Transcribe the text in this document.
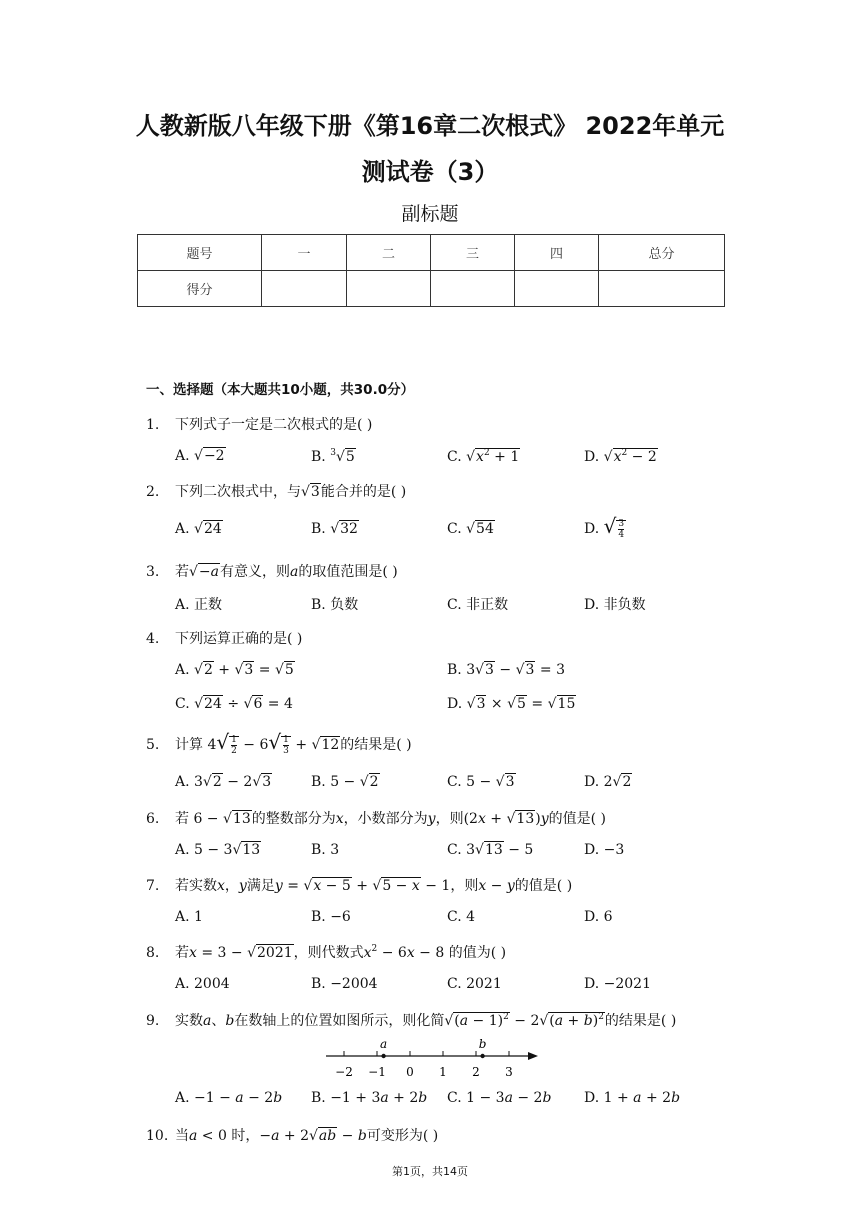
人教新版八年级下册《第16章二次根式》 2022年单元
测试卷（3）
副标题
题号	一	二	三	四	总分
得分					
一、选择题（本大题共10小题，共30.0分）
1. 下列式子一定是二次根式的是( )
A. √−2	B. $^3$√5	C. $√x^2 + 1$	D. $√x^2 - 2$
2. 下列二次根式中，与√3能合并的是( )
A. √24	B. √32	C. √54	D. √ $\frac{3}{4}$
3. 若√−a有意义，则a的取值范围是( )
A. 正数	B. 负数	C. 非正数	D. 非负数
4. 下列运算正确的是( )
A. √2 + √3 = √5	B. 3√3 − √3 = 3
C. √24 ÷ √6 = 4	D. √3 × √5 = √15
5. 计算 $4√ \frac{1}{2} - 6√ \frac{1}{3} + √12$的结果是( )
A. 3√2 − 2√3	B. 5 − √2	C. 5 − √3	D. 2√2
6. 若 6 − √13的整数部分为x，小数部分为y，则(2x + √13)y的值是( )
A. 5 − 3√13	B. 3	C. 3√13 − 5	D. −3
7. 若实数x，y满足y = √x − 5 + √5 − x − 1，则x − y的值是( )
A. 1	B. −6	C. 4	D. 6
8. 若x = 3 − √2021，则代数式$x^2 - 6x - 8$ 的值为( )
A. 2004	B. −2004	C. 2021	D. −2021
9. 实数a、b在数轴上的位置如图所示，则化简$√(a - 1)^2 - 2√(a + b)^2$的结果是( )
−2 −1 0 1 2 3
a	b
A. −1 − a − 2b B. −1 + 3a + 2b C. 1 − 3a − 2b D. 1 + a + 2b
10. 当a < 0 时，−a + 2√ab − b可变形为( )
第1页，共14页
